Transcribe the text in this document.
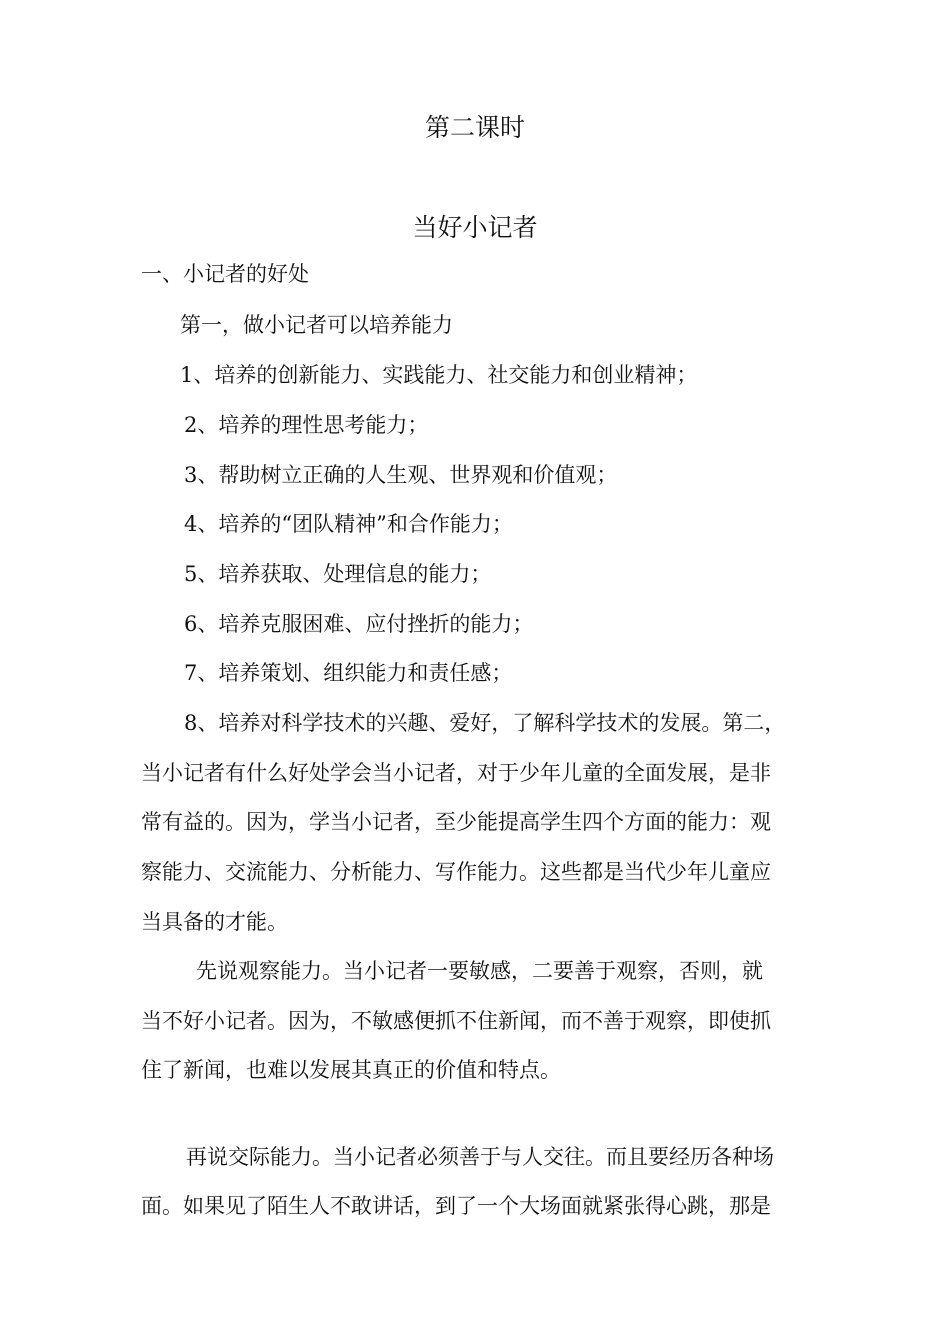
第二课时
当好小记者
一、小记者的好处
第一，做小记者可以培养能力
1、培养的创新能力、实践能力、社交能力和创业精神；
2、培养的理性思考能力；
3、帮助树立正确的人生观、世界观和价值观；
4、培养的“团队精神”和合作能力；
5、培养获取、处理信息的能力；
6、培养克服困难、应付挫折的能力；
7、培养策划、组织能力和责任感；
8、培养对科学技术的兴趣、爱好，了解科学技术的发展。第二，
当小记者有什么好处学会当小记者，对于少年儿童的全面发展，是非
常有益的。因为，学当小记者，至少能提高学生四个方面的能力：观
察能力、交流能力、分析能力、写作能力。这些都是当代少年儿童应
当具备的才能。
先说观察能力。当小记者一要敏感，二要善于观察，否则，就
当不好小记者。因为，不敏感便抓不住新闻，而不善于观察，即使抓
住了新闻，也难以发展其真正的价值和特点。
再说交际能力。当小记者必须善于与人交往。而且要经历各种场
面。如果见了陌生人不敢讲话，到了一个大场面就紧张得心跳，那是
